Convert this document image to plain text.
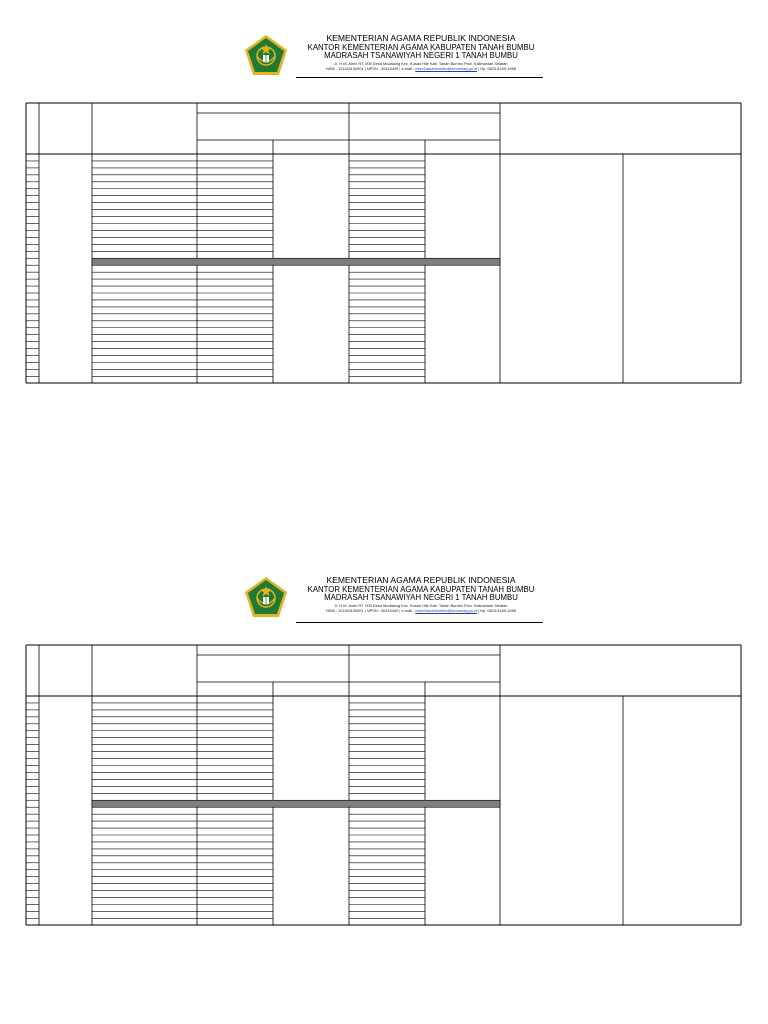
KEMENTERIAN AGAMA REPUBLIK INDONESIA
KANTOR KEMENTERIAN AGAMA KABUPATEN TANAH BUMBU
MADRASAH TSANAWIYAH NEGERI 1 TANAH BUMBU
Jl. H.M. Amin RT. 005 Desa Mudalang Kec. Kusan Hilir Kab. Tanah Bumbu Prov. Kalimantan Selatan
NSM : 121163100001 | NPSN : 30315449 | e-mail : mtsn1tanahbumbu@kemenag.go.id | Hp. 0823-5169-1958
KEMENTERIAN AGAMA REPUBLIK INDONESIA
KANTOR KEMENTERIAN AGAMA KABUPATEN TANAH BUMBU
MADRASAH TSANAWIYAH NEGERI 1 TANAH BUMBU
Jl. H.M. Amin RT. 005 Desa Mudalang Kec. Kusan Hilir Kab. Tanah Bumbu Prov. Kalimantan Selatan
NSM : 121163100001 | NPSN : 30315449 | e-mail : mtsn1tanahbumbu@kemenag.go.id | Hp. 0823-5169-1958
